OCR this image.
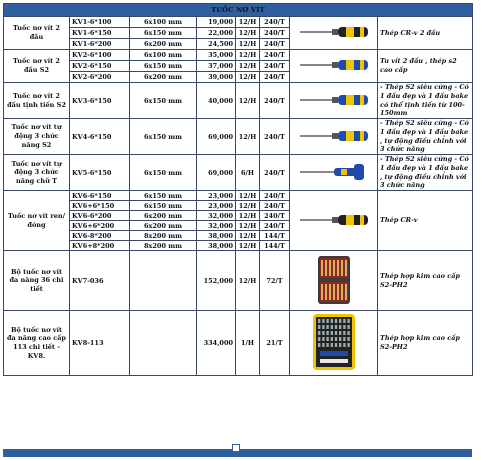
TUỐC NƠ VÍT							
Tuốc nơ vít 2 đầu	KV1-6*100	6x100 mm	19,000	12/H	240/T		Thép CR-v 2 đầu
	KV1-6*150	6x150 mm	22,000	12/H	240/T		
	KV1-6*200	6x200 mm	24,500	12/H	240/T		
Tuốc nơ vít 2 đầu S2	KV2-6*100	6x100 mm	35,000	12/H	240/T		Tu vít 2 đầu , thép s2 cao cấp
	KV2-6*150	6x150 mm	37,000	12/H	240/T		
	KV2-6*200	6x200 mm	39,000	12/H	240/T		
Tuốc nơ vít 2 đầu tịnh tiến S2	KV3-6*150	6x150 mm	40,000	12/H	240/T		- Thép S2 siêu cứng - Có 1 đầu đẹp và 1 đầu bake có thể tịnh tiến từ 100-150mm
Tuốc nơ vít tự động 3 chức năng S2	KV4-6*150	6x150 mm	69,000	12/H	240/T		- Thép S2 siêu cứng - Có 1 đầu đẹp và 1 đầu bake , tự động điều chỉnh với 3 chức năng
Tuốc nơ vít tự động 3 chức năng chữ T	KV5-6*150	6x150 mm	69,000	6/H	240/T		- Thép S2 siêu cứng - Có 1 đầu đẹp và 1 đầu bake , tự động điều chỉnh với 3 chức năng
Tuốc nơ vít ren/đóng	KV6-6*150	6x150 mm	23,000	12/H	240/T		Thép CR-v
	KV6+6*150	6x150 mm	23,000	12/H	240/T		
	KV6-6*200	6x200 mm	32,000	12/H	240/T		
	KV6+6*200	6x200 mm	32,000	12/H	240/T		
	KV6-8*200	8x200 mm	38,000	12/H	144/T		
	KV6+8*200	8x200 mm	38,000	12/H	144/T		
Bộ tuốc nơ vít đa năng 36 chi tiết	KV7-036		152,000	12/H	72/T		Thép hợp kim cao cấp S2-PH2
Bộ tuốc nơ vít đa năng cao cấp 113 chi tiết - KV8.	KV8-113		334,000	1/H	21/T		Thép hợp kim cao cấp S2-PH2
